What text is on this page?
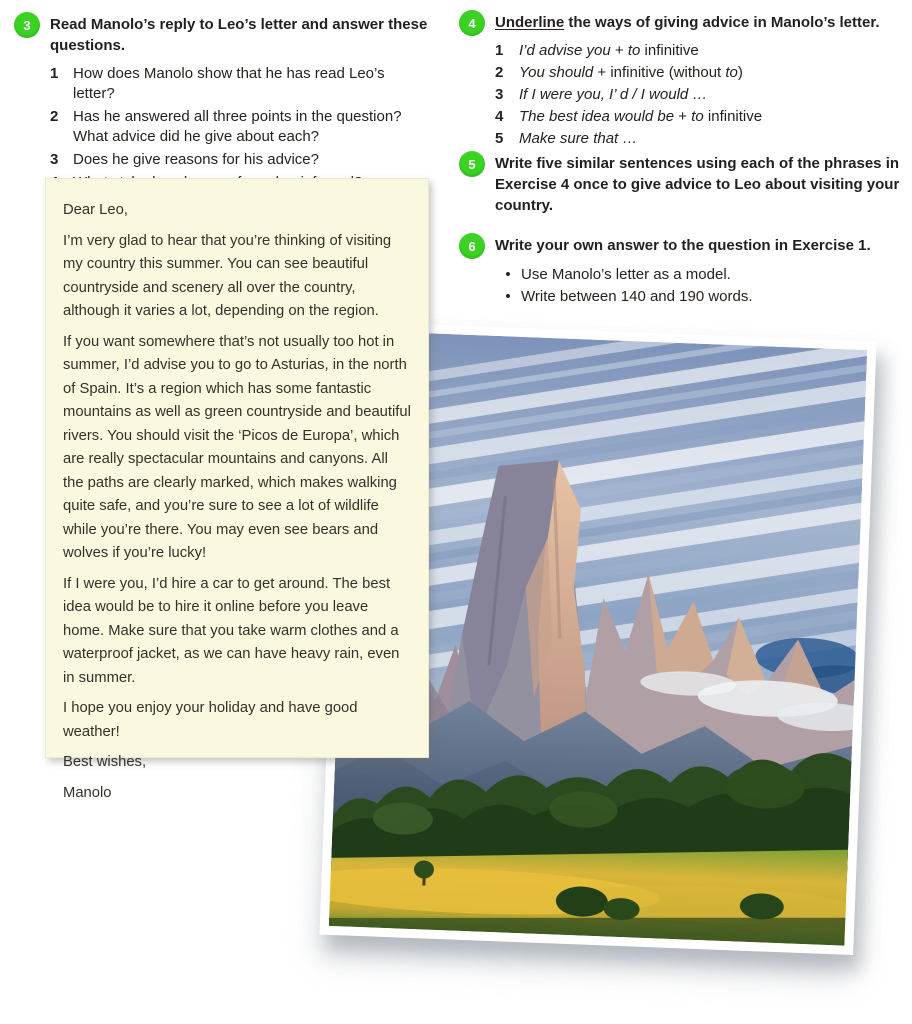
3	Read Manolo’s reply to Leo’s letter and answer these questions.
1 How does Manolo show that he has read Leo’s letter?
2 Has he answered all three points in the question? What advice did he give about each?
3 Does he give reasons for his advice?
4	Underline the ways of giving advice in Manolo’s letter.
1	I’d advise you + to infinitive
2	You should + infinitive (without to)
3	If I were you, I’ d / I would …
4	The best idea would be + to infinitive
5	Make sure that …
5	Write five similar sentences using each of the phrases in Exercise 4 once to give advice to Leo about visiting your country.
6	Write your own answer to the question in Exercise 1.
• Use Manolo’s letter as a model.
• Write between 140 and 190 words.

Dear Leo,

I’m very glad to hear that you’re thinking of visiting my country this summer. You can see beautiful countryside and scenery all over the country, although it varies a lot, depending on the region.

If you want somewhere that’s not usually too hot in summer, I’d advise you to go to Asturias, in the north of Spain. It’s a region which has some fantastic mountains as well as green countryside and beautiful rivers. You should visit the ‘Picos de Europa’, which are really spectacular mountains and canyons. All the paths are clearly marked, which makes walking quite safe, and you’re sure to see a lot of wildlife while you’re there. You may even see bears and wolves if you’re lucky!

If I were you, I’d hire a car to get around. The best idea would be to hire it online before you leave home. Make sure that you take warm clothes and a waterproof jacket, as we can have heavy rain, even in summer.

I hope you enjoy your holiday and have good weather!

Best wishes,

Manolo
